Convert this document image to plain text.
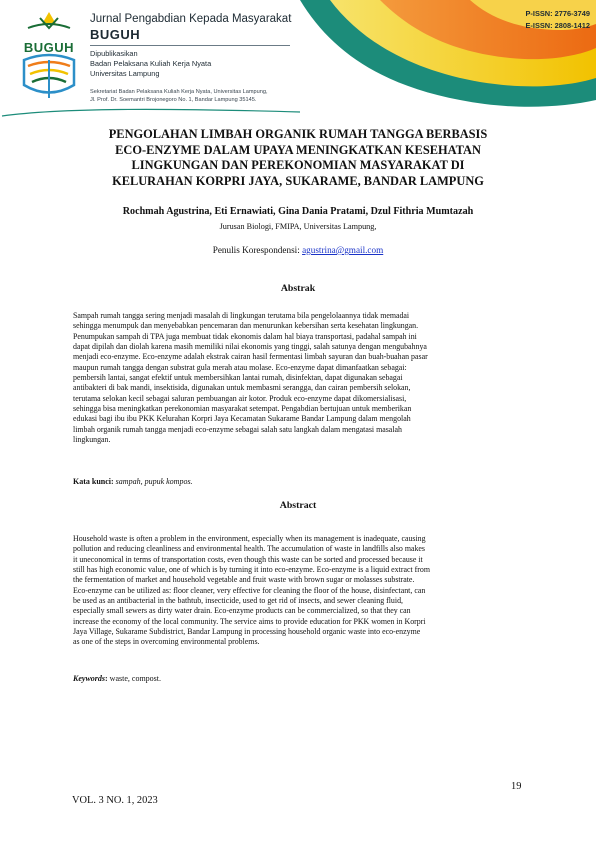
BUGUH
Jurnal Pengabdian Kepada Masyarakat
BUGUH
Dipublikasikan
Badan Pelaksana Kuliah Kerja Nyata
Universitas Lampung
Sekretariat Badan Pelaksana Kuliah Kerja Nyata, Universitas Lampung,
Jl. Prof. Dr. Soemantri Brojonegoro No. 1, Bandar Lampung 35145.
P-ISSN: 2776-3749
E-ISSN: 2808-1412
PENGOLAHAN LIMBAH ORGANIK RUMAH TANGGA BERBASIS
ECO-ENZYME DALAM UPAYA MENINGKATKAN KESEHATAN
LINGKUNGAN DAN PEREKONOMIAN MASYARAKAT DI
KELURAHAN KORPRI JAYA, SUKARAME, BANDAR LAMPUNG
Rochmah Agustrina, Eti Ernawiati, Gina Dania Pratami, Dzul Fithria Mumtazah
Jurusan Biologi, FMIPA, Universitas Lampung,
Penulis Korespondensi: agustrina@gmail.com
Abstrak
Sampah rumah tangga sering menjadi masalah di lingkungan terutama bila pengelolaannya tidak memadai
sehingga menumpuk dan menyebabkan pencemaran dan menurunkan kebersihan serta kesehatan lingkungan.
Penumpukan sampah di TPA juga membuat tidak ekonomis dalam hal biaya transportasi, padahal sampah ini
dapat dipilah dan diolah karena masih memiliki nilai ekonomis yang tinggi, salah satunya dengan mengubahnya
menjadi eco-enzyme. Eco-enzyme adalah ekstrak cairan hasil fermentasi limbah sayuran dan buah-buahan pasar
maupun rumah tangga dengan substrat gula merah atau molase. Eco-enzyme dapat dimanfaatkan sebagai:
pembersih lantai, sangat efektif untuk membersihkan lantai rumah, disinfektan, dapat digunakan sebagai
antibakteri di bak mandi, insektisida, digunakan untuk membasmi serangga, dan cairan pembersih selokan,
terutama selokan kecil sebagai saluran pembuangan air kotor. Produk eco-enzyme dapat dikomersialisasi,
sehingga bisa meningkatkan perekonomian masyarakat setempat. Pengabdian bertujuan untuk memberikan
edukasi bagi ibu ibu PKK Kelurahan Korpri Jaya Kecamatan Sukarame Bandar Lampung dalam mengolah
limbah organik rumah tangga menjadi eco-enzyme sebagai salah satu langkah dalam mengatasi masalah
lingkungan.
Kata kunci: sampah, pupuk kompos.
Abstract
Household waste is often a problem in the environment, especially when its management is inadequate, causing
pollution and reducing cleanliness and environmental health. The accumulation of waste in landfills also makes
it uneconomical in terms of transportation costs, even though this waste can be sorted and processed because it
still has high economic value, one of which is by turning it into eco-enzyme. Eco-enzyme is a liquid extract from
the fermentation of market and household vegetable and fruit waste with brown sugar or molasses substrate.
Eco-enzyme can be utilized as: floor cleaner, very effective for cleaning the floor of the house, disinfectant, can
be used as an antibacterial in the bathtub, insecticide, used to get rid of insects, and sewer cleaning fluid,
especially small sewers as dirty water drain. Eco-enzyme products can be commercialized, so that they can
increase the economy of the local community. The service aims to provide education for PKK women in Korpri
Jaya Village, Sukarame Subdistrict, Bandar Lampung in processing household organic waste into eco-enzyme
as one of the steps in overcoming environmental problems.
Keywords: waste, compost.
19
VOL. 3 NO. 1, 2023
